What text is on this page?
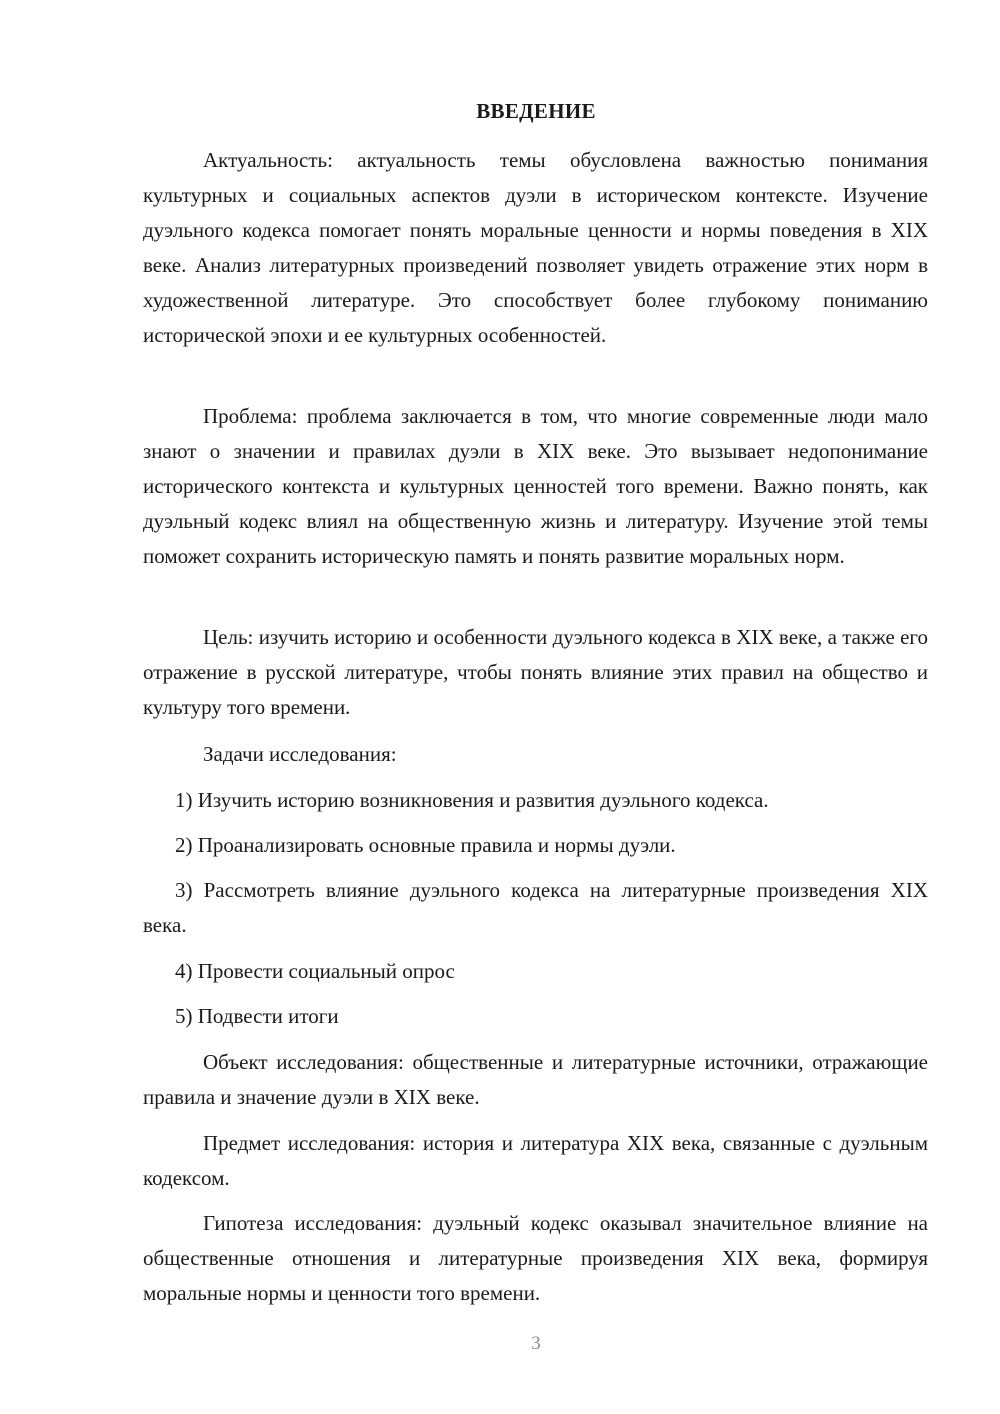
ВВЕДЕНИЕ

Актуальность: актуальность темы обусловлена важностью понимания культурных и социальных аспектов дуэли в историческом контексте. Изучение дуэльного кодекса помогает понять моральные ценности и нормы поведения в XIX веке. Анализ литературных произведений позволяет увидеть отражение этих норм в художественной литературе. Это способствует более глубокому пониманию исторической эпохи и ее культурных особенностей.

Проблема: проблема заключается в том, что многие современные люди мало знают о значении и правилах дуэли в XIX веке. Это вызывает недопонимание исторического контекста и культурных ценностей того времени. Важно понять, как дуэльный кодекс влиял на общественную жизнь и литературу. Изучение этой темы поможет сохранить историческую память и понять развитие моральных норм.

Цель: изучить историю и особенности дуэльного кодекса в XIX веке, а также его отражение в русской литературе, чтобы понять влияние этих правил на общество и культуру того времени.

Задачи исследования:

1) Изучить историю возникновения и развития дуэльного кодекса.

2) Проанализировать основные правила и нормы дуэли.

3) Рассмотреть влияние дуэльного кодекса на литературные произведения XIX века.

4) Провести социальный опрос

5) Подвести итоги

Объект исследования: общественные и литературные источники, отражающие правила и значение дуэли в XIX веке.

Предмет исследования: история и литература XIX века, связанные с дуэльным кодексом.

Гипотеза исследования: дуэльный кодекс оказывал значительное влияние на общественные отношения и литературные произведения XIX века, формируя моральные нормы и ценности того времени.

3
